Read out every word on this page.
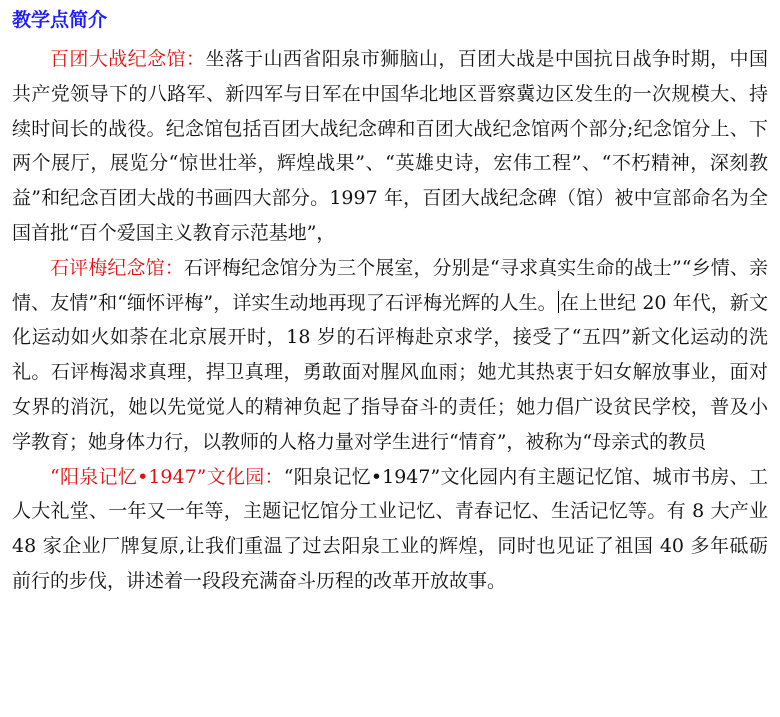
教学点简介

百团大战纪念馆：坐落于山西省阳泉市狮脑山，百团大战是中国抗日战争时期，中国共产党领导下的八路军、新四军与日军在中国华北地区晋察冀边区发生的一次规模大、持续时间长的战役。纪念馆包括百团大战纪念碑和百团大战纪念馆两个部分;纪念馆分上、下两个展厅，展览分“惊世壮举，辉煌战果”、“英雄史诗，宏伟工程”、“不朽精神，深刻教益”和纪念百团大战的书画四大部分。1997 年，百团大战纪念碑（馆）被中宣部命名为全国首批“百个爱国主义教育示范基地”，

石评梅纪念馆：石评梅纪念馆分为三个展室，分别是“寻求真实生命的战士”“乡情、亲情、友情”和“缅怀评梅”，详实生动地再现了石评梅光辉的人生。 在上世纪 20 年代，新文化运动如火如荼在北京展开时，18 岁的石评梅赴京求学，接受了“五四”新文化运动的洗礼。石评梅渴求真理，捍卫真理，勇敢面对腥风血雨；她尤其热衷于妇女解放事业，面对女界的消沉，她以先觉觉人的精神负起了指导奋斗的责任；她力倡广设贫民学校，普及小学教育；她身体力行，以教师的人格力量对学生进行“情育”，被称为“母亲式的教员

“阳泉记忆•1947”文化园：“阳泉记忆•1947”文化园内有主题记忆馆、城市书房、工人大礼堂、一年又一年等，主题记忆馆分工业记忆、青春记忆、生活记忆等。有 8 大产业 48 家企业厂牌复原,让我们重温了过去阳泉工业的辉煌，同时也见证了祖国 40 多年砥砺前行的步伐，讲述着一段段充满奋斗历程的改革开放故事。
